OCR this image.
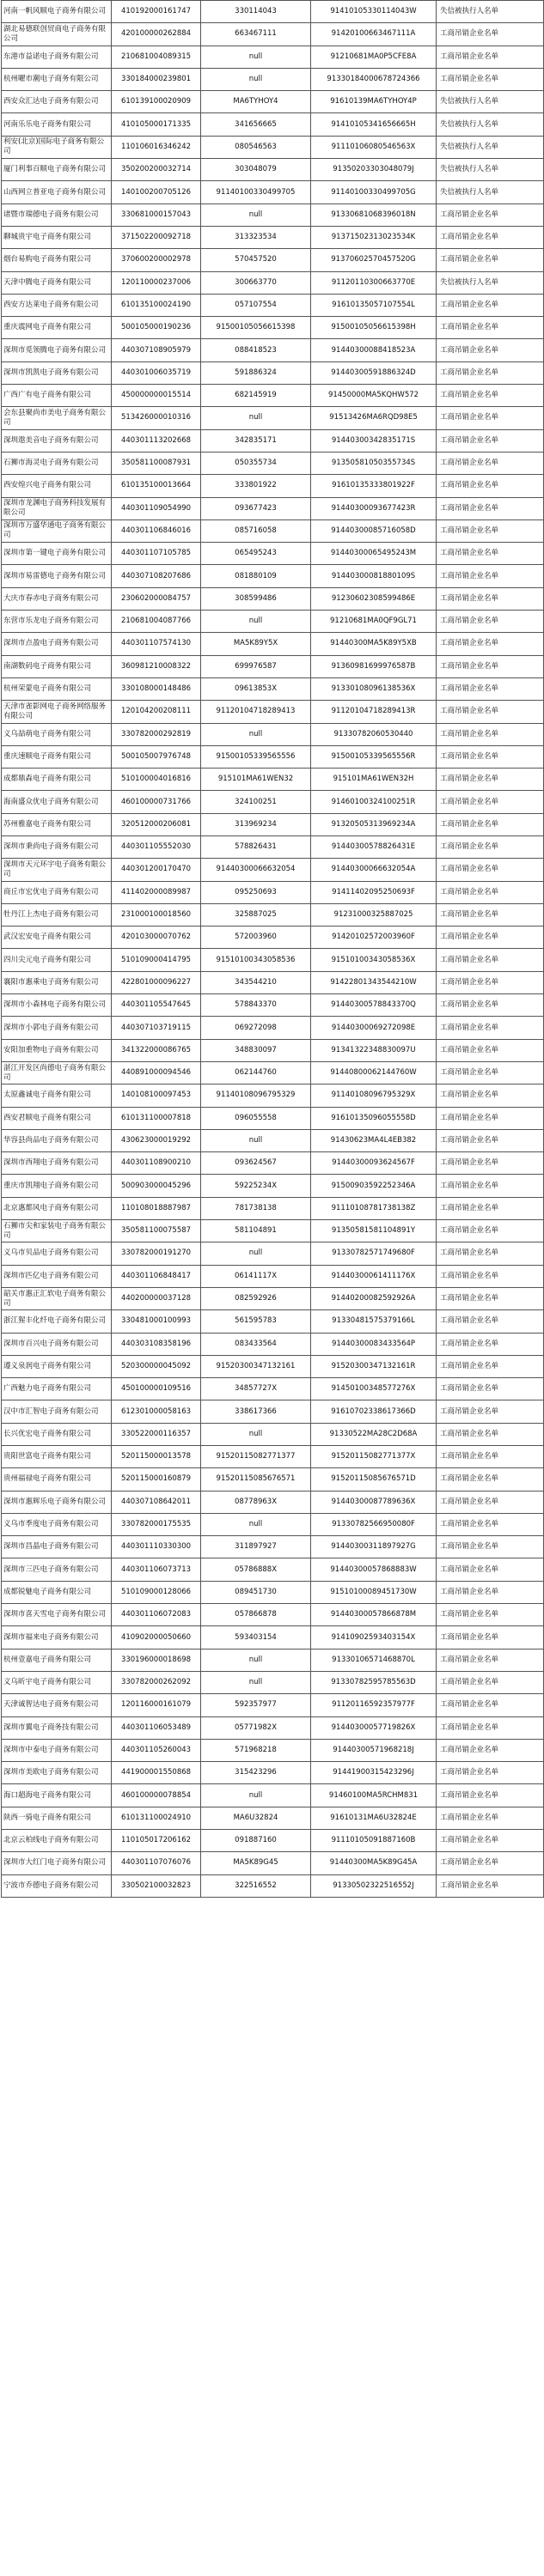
河南一帆风顺电子商务有限公司	410192000161747	330114043	91410105330114043W	失信被执行人名单
湖北易德联创贸商电子商务有限公司	420100000262884	663467111	91420100663467111A	工商吊销企业名单
东港市益诺电子商务有限公司	210681004089315	null	91210681MA0P5CFE8A	工商吊销企业名单
杭州曜市潮电子商务有限公司	330184000239801	null	91330184000678724366	工商吊销企业名单
西安众汇达电子商务有限公司	610139100020909	MA6TYHOY4	91610139MA6TYHOY4P	失信被执行人名单
河南乐乐电子商务有限公司	410105000171335	341656665	91410105341656665H	失信被执行人名单
利安(北京)国际电子商务有限公司	110106016346242	080546563	91110106080546563X	失信被执行人名单
厦门利事百顺电子商务有限公司	350200200032714	303048079	91350203303048079J	失信被执行人名单
山西网立普亚电子商务有限公司	140100200705126	91140100330499705	91140100330499705G	失信被执行人名单
诸暨市瑞德电子商务有限公司	330681000157043	null	91330681068396018N	工商吊销企业名单
聊城贵宇电子商务有限公司	371502200092718	313323534	91371502313023534K	工商吊销企业名单
烟台易购电子商务有限公司	370600200002978	570457520	91370602570457520G	工商吊销企业名单
天津中腾电子商务有限公司	120110000237006	300663770	91120110300663770E	失信被执行人名单
西安方达莱电子商务有限公司	610135100024190	057107554	91610135057107554L	工商吊销企业名单
重庆震网电子商务有限公司	500105000190236	91500105056615398	91500105056615398H	工商吊销企业名单
深圳市觅领腾电子商务有限公司	440307108905979	088418523	91440300088418523A	工商吊销企业名单
深圳市凯凯电子商务有限公司	440301006035719	591886324	91440300591886324D	工商吊销企业名单
广西广有电子商务有限公司	450000000015514	682145919	91450000MA5KQHW572	工商吊销企业名单
会东县聚尚市美电子商务有限公司	513426000010316	null	91513426MA6RQD98E5	工商吊销企业名单
深圳遨美音电子商务有限公司	440301113202668	342835171	91440300342835171S	工商吊销企业名单
石狮市海灵电子商务有限公司	350581100087931	050355734	91350581050355734S	工商吊销企业名单
西安煌兴电子商务有限公司	610135100013664	333801922	91610135333801922F	工商吊销企业名单
深圳市龙渊电子商务科技发展有限公司	440301109054990	093677423	91440300093677423R	工商吊销企业名单
深圳市万盛华通电子商务有限公司	440301106846016	085716058	91440300085716058D	工商吊销企业名单
深圳市第一键电子商务有限公司	440301107105785	065495243	91440300065495243M	工商吊销企业名单
深圳市易雷德电子商务有限公司	440307108207686	081880109	91440300081880109S	工商吊销企业名单
大庆市春赤电子商务有限公司	230602000084757	308599486	91230602308599486E	工商吊销企业名单
东营市乐龙电子商务有限公司	210681004087766	null	91210681MA0QF9GL71	工商吊销企业名单
深圳市点盈电子商务有限公司	440301107574130	MA5K89Y5X	91440300MA5K89Y5XB	工商吊销企业名单
南湖数码电子商务有限公司	360981210008322	699976587	91360981699976587B	工商吊销企业名单
杭州荣蒙电子商务有限公司	330108000148486	09613853X	91330108096138536X	工商吊销企业名单
天津市雀影网电子商务网络服务有限公司	120104200208111	91120104718289413	91120104718289413R	工商吊销企业名单
义乌喆萌电子商务有限公司	330782000292819	null	91330782060530440	工商吊销企业名单
重庆速顺电子商务有限公司	500105007976748	91500105339565556	91500105339565556R	工商吊销企业名单
成都鼎森电子商务有限公司	510100004016816	915101MA61WEN32	915101MA61WEN32H	工商吊销企业名单
海南盛众优电子商务有限公司	460100000731766	324100251	91460100324100251R	工商吊销企业名单
苏州雅嘉电子商务有限公司	320512000206081	313969234	91320505313969234A	工商吊销企业名单
深圳市秉尚电子商务有限公司	440301105552030	578826431	91440300578826431E	工商吊销企业名单
深圳市天元环宇电子商务有限公司	440301200170470	91440300066632054	91440300066632054A	工商吊销企业名单
商丘市宏优电子商务有限公司	411402000089987	095250693	91411402095250693F	工商吊销企业名单
牡丹江上杰电子商务有限公司	231000100018560	325887025	91231000325887025	工商吊销企业名单
武汉宏安电子商务有限公司	420103000070762	572003960	91420102572003960F	工商吊销企业名单
四川尖元电子商务有限公司	510109000414795	91510100343058536	91510100343058536X	工商吊销企业名单
襄阳市惠乘电子商务有限公司	422801000096227	343544210	91422801343544210W	工商吊销企业名单
深圳市小森林电子商务有限公司	440301105547645	578843370	91440300578843370Q	工商吊销企业名单
深圳市小郭电子商务有限公司	440307103719115	069272098	91440300069272098E	工商吊销企业名单
安阳加重物电子商务有限公司	341322000086765	348830097	91341322348830097U	工商吊销企业名单
湛江开发区尚德电子商务有限公司	440891000094546	062144760	91440800062144760W	工商吊销企业名单
太原鑫诚电子商务有限公司	140108100097453	91140108096795329	91140108096795329X	工商吊销企业名单
西安君顺电子商务有限公司	610131100007818	096055558	91610135096055558D	工商吊销企业名单
华容县尚品电子商务有限公司	430623000019292	null	91430623MA4L4EB382	工商吊销企业名单
深圳市西翔电子商务有限公司	440301108900210	093624567	91440300093624567F	工商吊销企业名单
重庆市凯翔电子商务有限公司	500903000045296	59225234X	91500903592252346A	工商吊销企业名单
北京惠都风电子商务有限公司	110108018887987	781738138	91110108781738138Z	工商吊销企业名单
石狮市尖和家装电子商务有限公司	350581100075587	581104891	91350581581104891Y	工商吊销企业名单
义乌市贝品电子商务有限公司	330782000191270	null	91330782571749680F	工商吊销企业名单
深圳市匹亿电子商务有限公司	440301106848417	06141117X	91440300061411176X	工商吊销企业名单
韶关市惠正汇软电子商务有限公司	440200000037128	082592926	91440200082592926A	工商吊销企业名单
浙江猩丰化纤电子商务有限公司	330481000100993	561595783	91330481575379166L	工商吊销企业名单
深圳市百兴电子商务有限公司	440303108358196	083433564	91440300083433564P	工商吊销企业名单
遵义泉润电子商务有限公司	520300000045092	91520300347132161	91520300347132161R	工商吊销企业名单
广西魅力电子商务有限公司	450100000109516	34857727X	91450100348577276X	工商吊销企业名单
汉中市汇智电子商务有限公司	612301000058163	338617366	91610702338617366D	工商吊销企业名单
长兴优宏电子商务有限公司	330522000116357	null	91330522MA28C2D68A	工商吊销企业名单
贵阳世富电子商务有限公司	520115000013578	91520115082771377	91520115082771377X	工商吊销企业名单
贵州福禄电子商务有限公司	520115000160879	91520115085676571	91520115085676571D	工商吊销企业名单
深圳市惠辉乐电子商务有限公司	440307108642011	08778963X	91440300087789636X	工商吊销企业名单
义乌市季度电子商务有限公司	330782000175535	null	91330782566950080F	工商吊销企业名单
深圳市昌晶电子商务有限公司	440301110330300	311897927	91440300311897927G	工商吊销企业名单
深圳市三匹电子商务有限公司	440301106073713	05786888X	91440300057868883W	工商吊销企业名单
成都锐魅电子商务有限公司	510109000128066	089451730	91510100089451730W	工商吊销企业名单
深圳市喜天雪电子商务有限公司	440301106072083	057866878	91440300057866878M	工商吊销企业名单
深圳市福来电子商务有限公司	410902000050660	593403154	91410902593403154X	工商吊销企业名单
杭州壹嘉电子商务有限公司	330196000018698	null	91330106571468870L	工商吊销企业名单
义乌昕宇电子商务有限公司	330782000262092	null	91330782595785563D	工商吊销企业名单
天津诚智达电子商务有限公司	120116000161079	592357977	91120116592357977F	工商吊销企业名单
深圳市翼电子商务技有限公司	440301106053489	05771982X	91440300057719826X	工商吊销企业名单
深圳市中泰电子商务有限公司	440301105260043	571968218	91440300571968218J	工商吊销企业名单
深圳市美欧电子商务有限公司	441900001550868	315423296	91441900315423296J	工商吊销企业名单
海口超海电子商务有限公司	460100000078854	null	91460100MA5RCHM831	工商吊销企业名单
陕西一骑电子商务有限公司	610131100024910	MA6U32824	91610131MA6U32824E	工商吊销企业名单
北京云柏线电子商务有限公司	110105017206162	091887160	91110105091887160B	工商吊销企业名单
深圳市大红门电子商务有限公司	440301107076076	MA5K89G45	91440300MA5K89G45A	工商吊销企业名单
宁波市乔德电子商务有限公司	330502100032823	322516552	91330502322516552J	工商吊销企业名单
